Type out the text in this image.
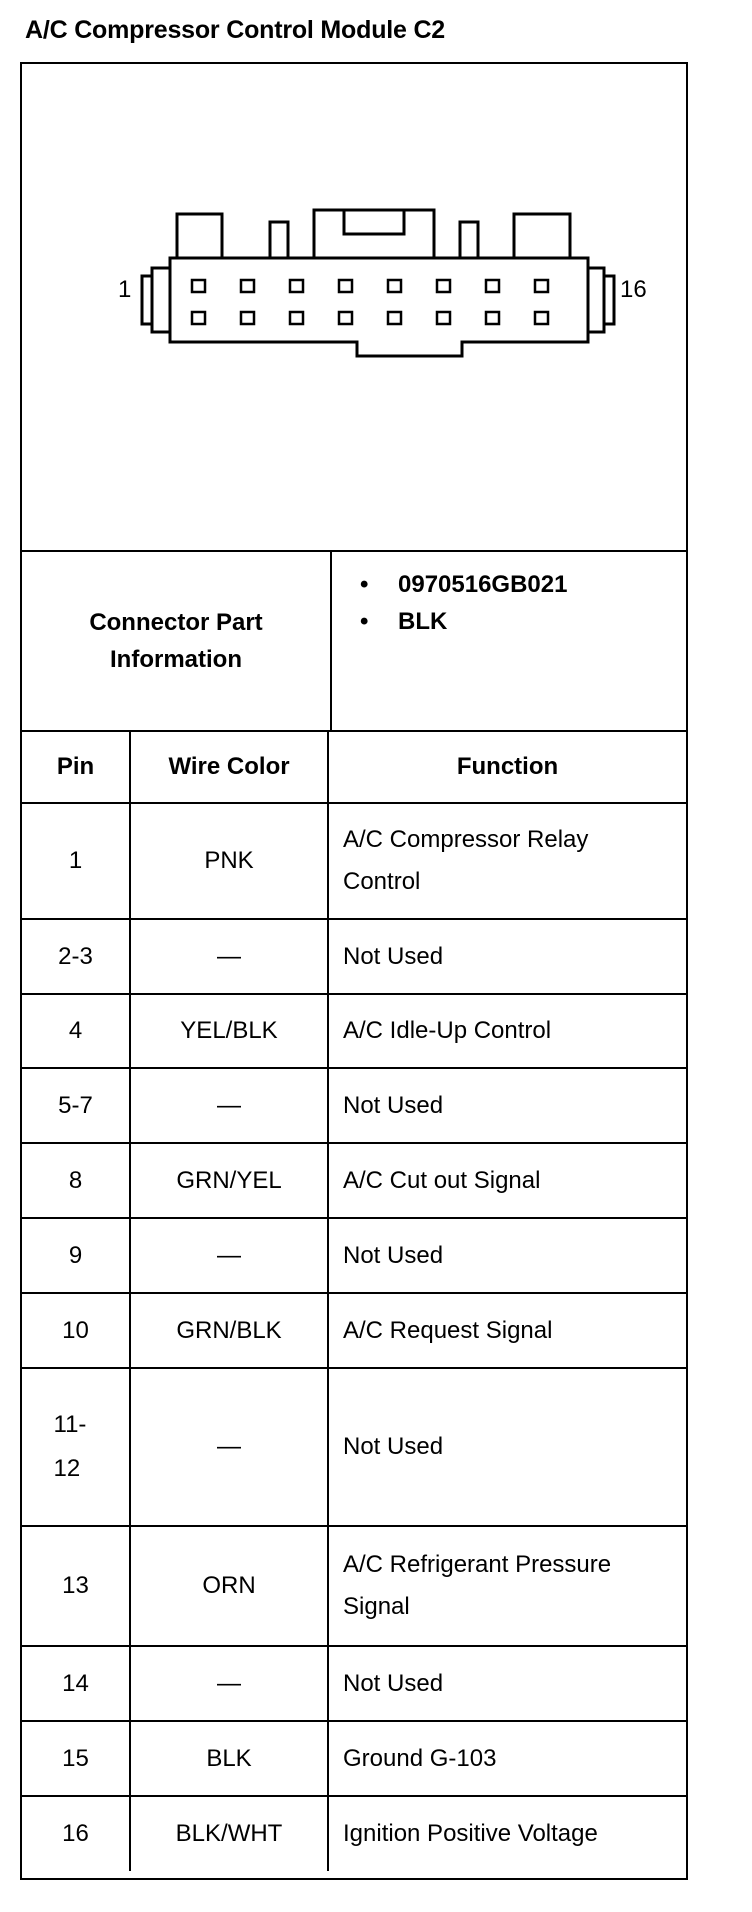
A/C Compressor Control Module C2
1	16
Connector Part Information
• 0970516GB021
• BLK
Pin	Wire Color	Function
1	PNK	A/C Compressor Relay Control
2-3	—	Not Used
4	YEL/BLK	A/C Idle-Up Control
5-7	—	Not Used
8	GRN/YEL	A/C Cut out Signal
9	—	Not Used
10	GRN/BLK	A/C Request Signal
11-12	—	Not Used
13	ORN	A/C Refrigerant Pressure Signal
14	—	Not Used
15	BLK	Ground G-103
16	BLK/WHT	Ignition Positive Voltage
